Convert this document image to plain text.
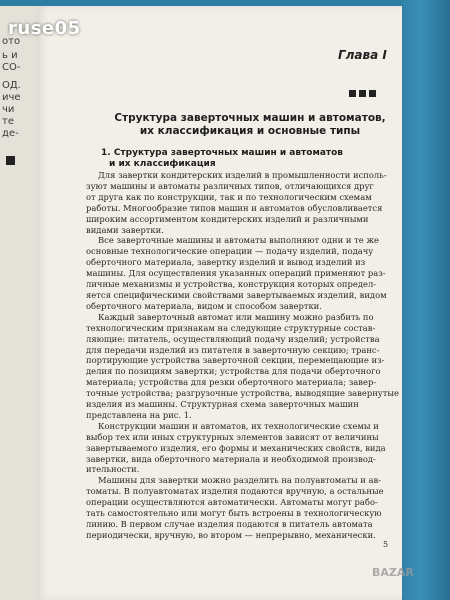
ото
ь и
СО-
ОД.
иче
чи
те
де-
Глава I
ruse05
Структура заверточных машин и автоматов,
их классификация и основные типы
1. Структура заверточных машин и автоматов
и их классификация
Для завертки кондитерских изделий в промышленности исполь-
зуют машины и автоматы различных типов, отличающихся друг
от друга как по конструкции, так и по технологическим схемам
работы. Многообразие типов машин и автоматов обусловливается
широким ассортиментом кондитерских изделий и различными
видами завертки.
Все заверточные машины и автоматы выполняют одни и те же
основные технологические операции — подачу изделий, подачу
оберточного материала, завертку изделий и вывод изделий из
машины. Для осуществления указанных операций применяют раз-
личные механизмы и устройства, конструкция которых определ-
яется специфическими свойствами завертываемых изделий, видом
оберточного материала, видом и способом завертки.
Каждый заверточный автомат или машину можно разбить по
технологическим признакам на следующие структурные состав-
ляющие: питатель, осуществляющий подачу изделий; устройства
для передачи изделий из питателя в заверточную секцию; транс-
портирующие устройства заверточной секции, перемещающие из-
делия по позициям завертки; устройства для подачи оберточного
материала; устройства для резки оберточного материала; завер-
точные устройства; разгрузочные устройства, выводящие завернутые
изделия из машины. Структурная схема заверточных машин
представлена на рис. 1.
Конструкции машин и автоматов, их технологические схемы и
выбор тех или иных структурных элементов зависят от величины
завертываемого изделия, его формы и механических свойств, вида
завертки, вида оберточного материала и необходимой производ-
ительности.
Машины для завертки можно разделить на полуавтоматы и ав-
томаты. В полуавтоматах изделия подаются вручную, а остальные
операции осуществляются автоматически. Автоматы могут рабо-
тать самостоятельно или могут быть встроены в технологическую
линию. В первом случае изделия подаются в питатель автомата
периодически, вручную, во втором — непрерывно, механически.
5
BAZAR
